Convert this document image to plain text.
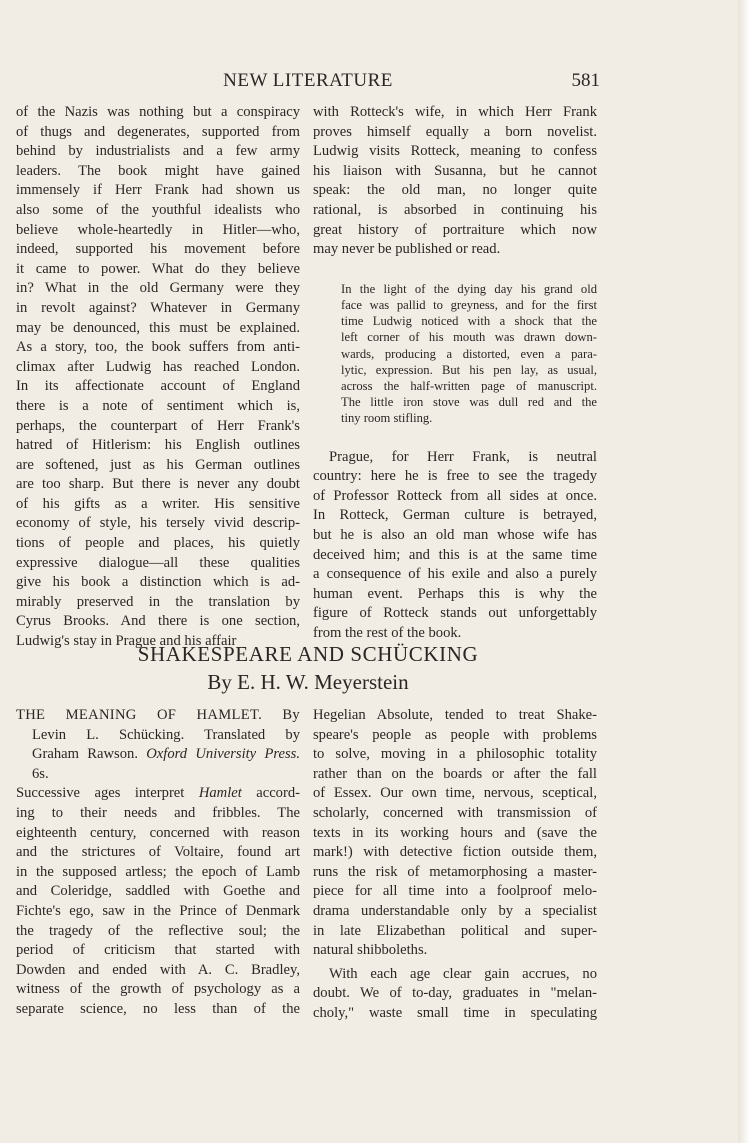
NEW LITERATURE	581

of the Nazis was nothing but a conspiracy

of thugs and degenerates, supported from

behind by industrialists and a few army

leaders. The book might have gained

immensely if Herr Frank had shown us

also some of the youthful idealists who

believe whole-heartedly in Hitler—who,

indeed, supported his movement before

it came to power. What do they believe

in? What in the old Germany were they

in revolt against? Whatever in Germany

may be denounced, this must be explained.

As a story, too, the book suffers from anti-

climax after Ludwig has reached London.

In its affectionate account of England

there is a note of sentiment which is,

perhaps, the counterpart of Herr Frank's

hatred of Hitlerism: his English outlines

are softened, just as his German outlines

are too sharp. But there is never any doubt

of his gifts as a writer. His sensitive

economy of style, his tersely vivid descrip-

tions of people and places, his quietly

expressive dialogue—all these qualities

give his book a distinction which is ad-

mirably preserved in the translation by

Cyrus Brooks. And there is one section,

Ludwig's stay in Prague and his affair

with Rotteck's wife, in which Herr Frank

proves himself equally a born novelist.

Ludwig visits Rotteck, meaning to confess

his liaison with Susanna, but he cannot

speak: the old man, no longer quite

rational, is absorbed in continuing his

great history of portraiture which now

may never be published or read.

In the light of the dying day his grand old

face was pallid to greyness, and for the first

time Ludwig noticed with a shock that the

left corner of his mouth was drawn down-

wards, producing a distorted, even a para-

lytic, expression. But his pen lay, as usual,

across the half-written page of manuscript.

The little iron stove was dull red and the

tiny room stifling.

Prague, for Herr Frank, is neutral

country: here he is free to see the tragedy

of Professor Rotteck from all sides at once.

In Rotteck, German culture is betrayed,

but he is also an old man whose wife has

deceived him; and this is at the same time

a consequence of his exile and also a purely

human event. Perhaps this is why the

figure of Rotteck stands out unforgettably

from the rest of the book.

SHAKESPEARE AND SCHÜCKING
By E. H. W. Meyerstein
THE MEANING OF HAMLET. By
Levin L. Schücking. Translated by
Graham Rawson. Oxford University Press.
6s.

Successive ages interpret Hamlet accord-

ing to their needs and fribbles. The

eighteenth century, concerned with reason

and the strictures of Voltaire, found art

in the supposed artless; the epoch of Lamb

and Coleridge, saddled with Goethe and

Fichte's ego, saw in the Prince of Denmark

the tragedy of the reflective soul; the

period of criticism that started with

Dowden and ended with A. C. Bradley,

witness of the growth of psychology as a

separate science, no less than of the

Hegelian Absolute, tended to treat Shake-

speare's people as people with problems

to solve, moving in a philosophic totality

rather than on the boards or after the fall

of Essex. Our own time, nervous, sceptical,

scholarly, concerned with transmission of

texts in its working hours and (save the

mark!) with detective fiction outside them,

runs the risk of metamorphosing a master-

piece for all time into a foolproof melo-

drama understandable only by a specialist

in late Elizabethan political and super-

natural shibboleths.

With each age clear gain accrues, no

doubt. We of to-day, graduates in "melan-

choly," waste small time in speculating
